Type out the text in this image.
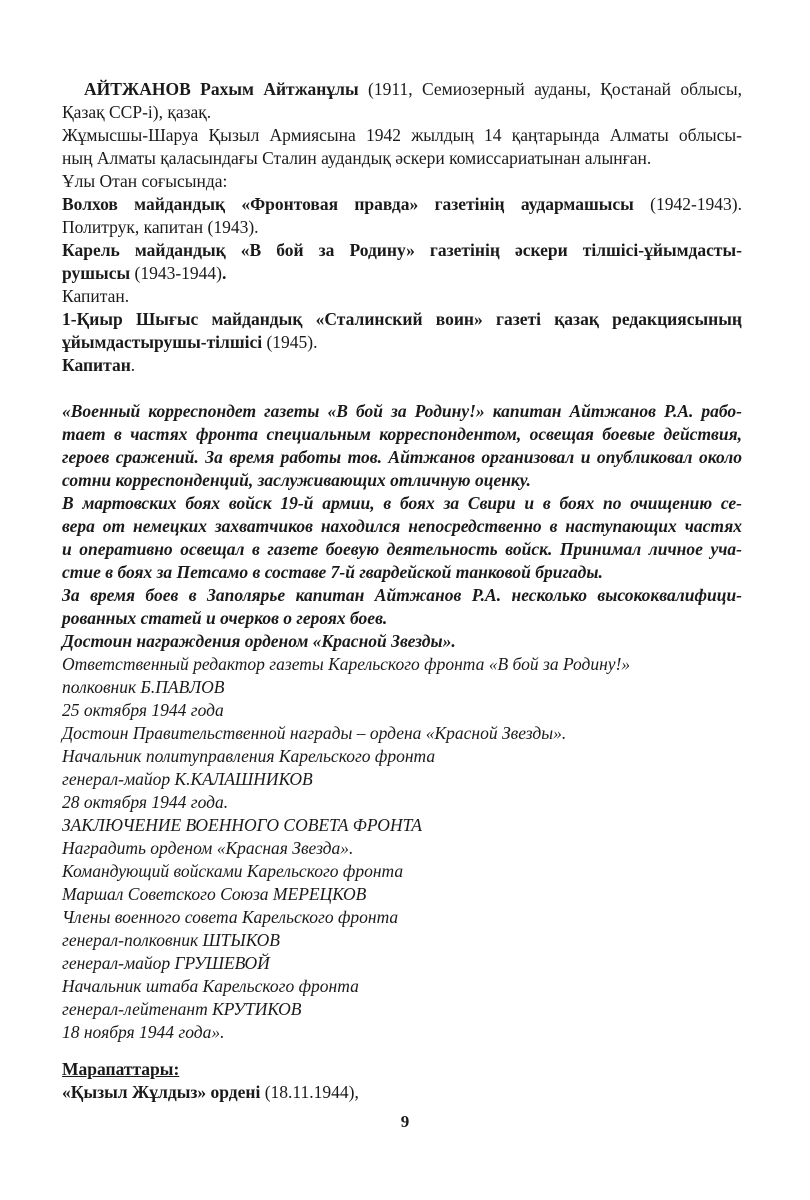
АЙТЖАНОВ Рахым Айтжанұлы (1911, Семиозерный ауданы, Қостанай облысы,
Қазақ ССР-і), қазақ.
Жұмысшы-Шаруа Қызыл Армиясына 1942 жылдың 14 қаңтарында Алматы облысы-
ның Алматы қаласындағы Сталин аудандық әскери комиссариатынан алынған.
Ұлы Отан соғысында:
Волхов майдандық «Фронтовая правда» газетінің аудармашысы (1942-1943).
Политрук, капитан (1943).
Карель майдандық «В бой за Родину» газетінің әскери тілшісі-ұйымдасты-
рушысы (1943-1944).
Капитан.
1-Қиыр Шығыс майдандық «Сталинский воин» газеті қазақ редакциясының
ұйымдастырушы-тілшісі (1945).
Капитан.
«Военный корреспондет газеты «В бой за Родину!» капитан Айтжанов Р.А. рабо-
тает в частях фронта специальным корреспондентом, освещая боевые действия,
героев сражений. За время работы тов. Айтжанов организовал и опубликовал около
сотни корреспонденций, заслуживающих отличную оценку.
В мартовских боях войск 19-й армии, в боях за Свири и в боях по очищению се-
вера от немецких захватчиков находился непосредственно в наступающих частях
и оперативно освещал в газете боевую деятельность войск. Принимал личное уча-
стие в боях за Петсамо в составе 7-й гвардейской танковой бригады.
За время боев в Заполярье капитан Айтжанов Р.А. несколько высококвалифици-
рованных статей и очерков о героях боев.
Достоин награждения орденом «Красной Звезды».
Ответственный редактор газеты Карельского фронта «В бой за Родину!»
полковник Б.ПАВЛОВ
25 октября 1944 года
Достоин Правительственной награды – ордена «Красной Звезды».
Начальник политуправления Карельского фронта
генерал-майор К.КАЛАШНИКОВ
28 октября 1944 года.
ЗАКЛЮЧЕНИЕ ВОЕННОГО СОВЕТА ФРОНТА
Наградить орденом «Красная Звезда».
Командующий войсками Карельского фронта
Маршал Советского Союза МЕРЕЦКОВ
Члены военного совета Карельского фронта
генерал-полковник ШТЫКОВ
генерал-майор ГРУШЕВОЙ
Начальник штаба Карельского фронта
генерал-лейтенант КРУТИКОВ
18 ноября 1944 года».
Марапаттары:
«Қызыл Жұлдыз» ордені (18.11.1944),
9
